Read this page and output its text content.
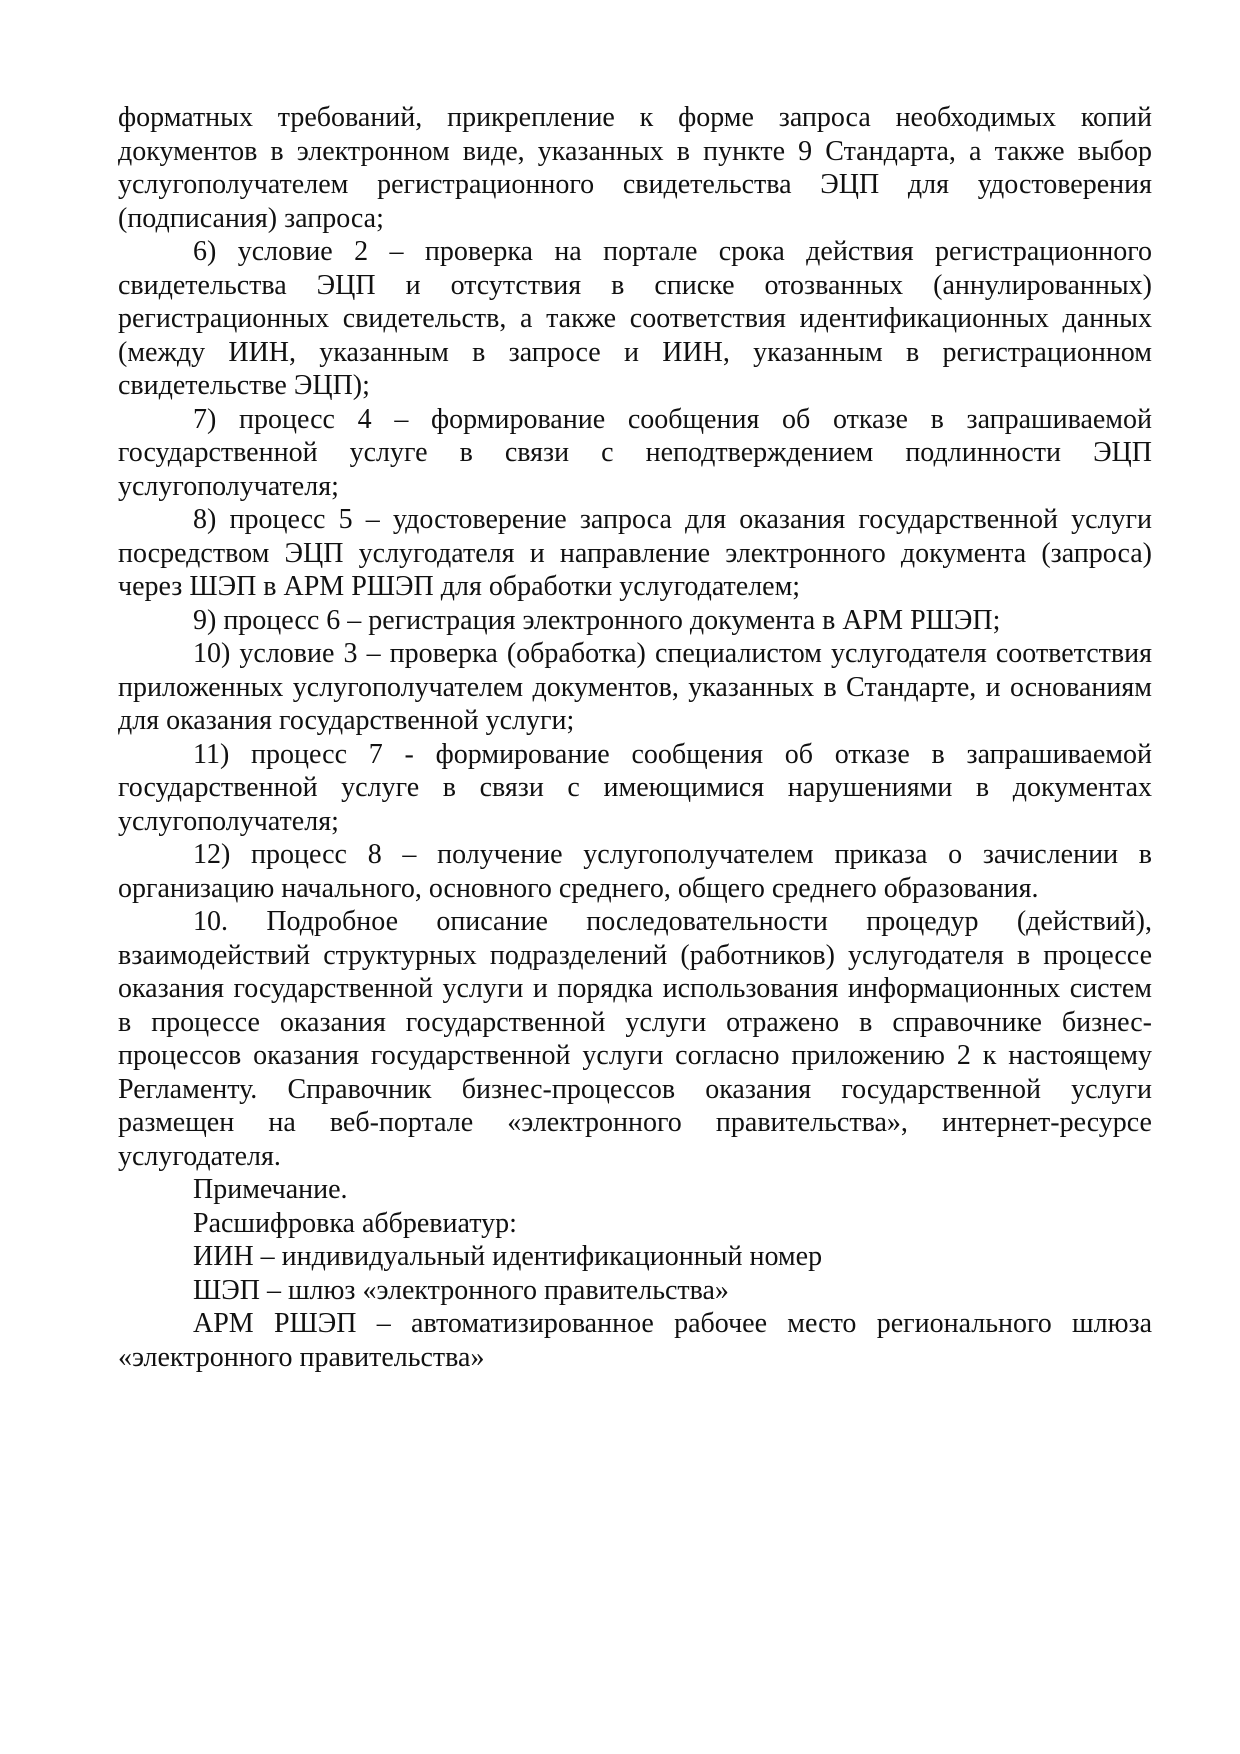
форматных требований, прикрепление к форме запроса необходимых копий документов в электронном виде, указанных в пункте 9 Стандарта, а также выбор услугополучателем регистрационного свидетельства ЭЦП для удостоверения (подписания) запроса;

6) условие 2 – проверка на портале срока действия регистрационного свидетельства ЭЦП и отсутствия в списке отозванных (аннулированных) регистрационных свидетельств, а также соответствия идентификационных данных (между ИИН, указанным в запросе и ИИН, указанным в регистрационном свидетельстве ЭЦП);

7) процесс 4 – формирование сообщения об отказе в запрашиваемой государственной услуге в связи с неподтверждением подлинности ЭЦП услугополучателя;

8) процесс 5 – удостоверение запроса для оказания государственной услуги посредством ЭЦП услугодателя и направление электронного документа (запроса) через ШЭП в АРМ РШЭП для обработки услугодателем;

9) процесс 6 – регистрация электронного документа в АРМ РШЭП;

10) условие 3 – проверка (обработка) специалистом услугодателя соответствия приложенных услугополучателем документов, указанных в Стандарте, и основаниям для оказания государственной услуги;

11) процесс 7 - формирование сообщения об отказе в запрашиваемой государственной услуге в связи с имеющимися нарушениями в документах услугополучателя;

12) процесс 8 – получение услугополучателем приказа о зачислении в организацию начального, основного среднего, общего среднего образования.

10. Подробное описание последовательности процедур (действий), взаимодействий структурных подразделений (работников) услугодателя в процессе оказания государственной услуги и порядка использования информационных систем в процессе оказания государственной услуги отражено в справочнике бизнес-процессов оказания государственной услуги согласно приложению 2 к настоящему Регламенту. Справочник бизнес-процессов оказания государственной услуги размещен на веб-портале «электронного правительства», интернет-ресурсе услугодателя.

Примечание.

Расшифровка аббревиатур:

ИИН – индивидуальный идентификационный номер

ШЭП – шлюз «электронного правительства»

АРМ РШЭП – автоматизированное рабочее место регионального шлюза «электронного правительства»
